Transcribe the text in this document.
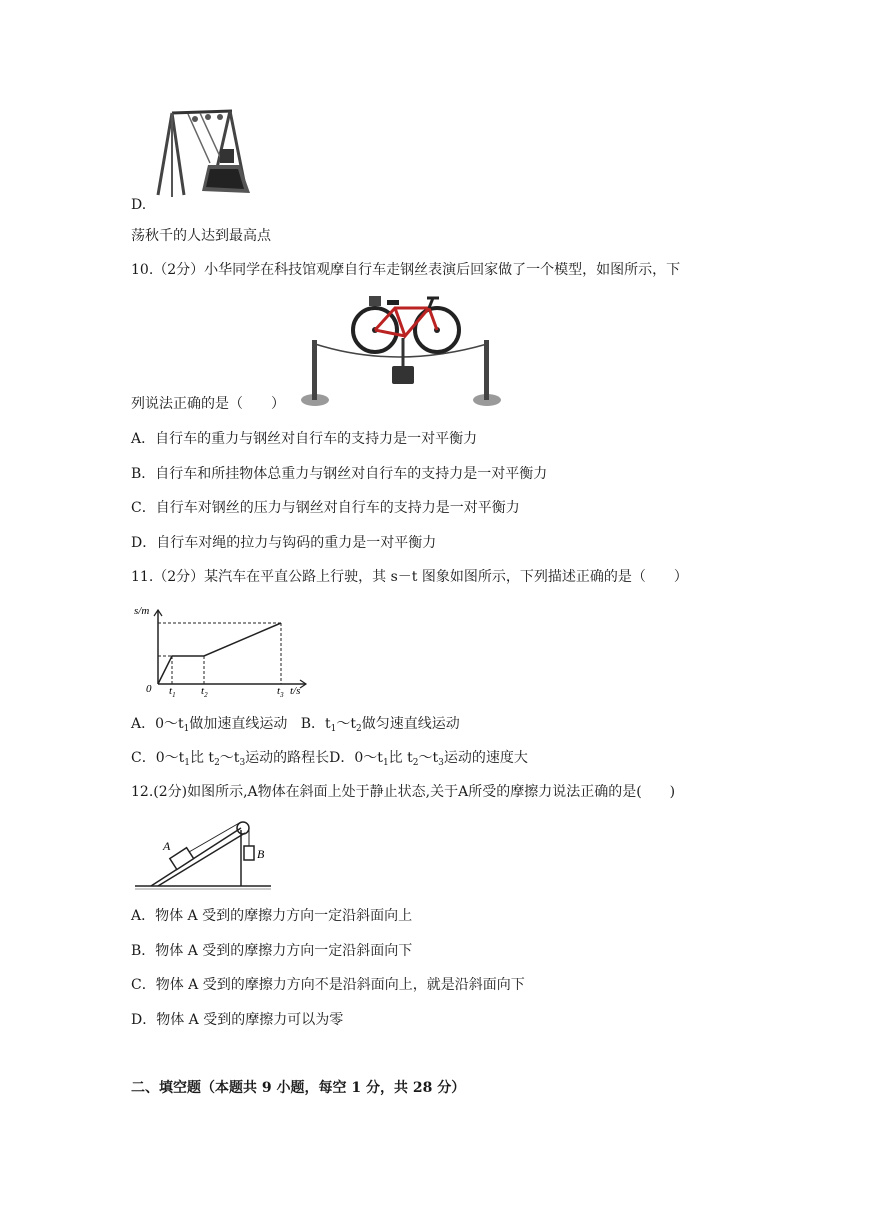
D.
荡秋千的人达到最高点
10.（2分）小华同学在科技馆观摩自行车走钢丝表演后回家做了一个模型，如图所示，下
列说法正确的是（　　）
A．自行车的重力与钢丝对自行车的支持力是一对平衡力
B．自行车和所挂物体总重力与钢丝对自行车的支持力是一对平衡力
C．自行车对钢丝的压力与钢丝对自行车的支持力是一对平衡力
D．自行车对绳的拉力与钩码的重力是一对平衡力
11.（2分）某汽车在平直公路上行驶，其 s－t 图象如图所示，下列描述正确的是（　　）
s/m
0 $t_1$ $t_2$	$t_3$ t/s
A．$0\sim t_1$做加速直线运动 B．$t_1\sim t_2$做匀速直线运动
C．$0\sim t_1$比 $t_2\sim t_3$运动的路程长D．$0\sim t_1$比 $t_2\sim t_3$运动的速度大
12.(2分)如图所示,A物体在斜面上处于静止状态,关于A所受的摩擦力说法正确的是(　　)
A
B
A．物体 A 受到的摩擦力方向一定沿斜面向上
B．物体 A 受到的摩擦力方向一定沿斜面向下
C．物体 A 受到的摩擦力方向不是沿斜面向上，就是沿斜面向下
D．物体 A 受到的摩擦力可以为零
二、填空题（本题共 9 小题，每空 1 分，共 28 分）
